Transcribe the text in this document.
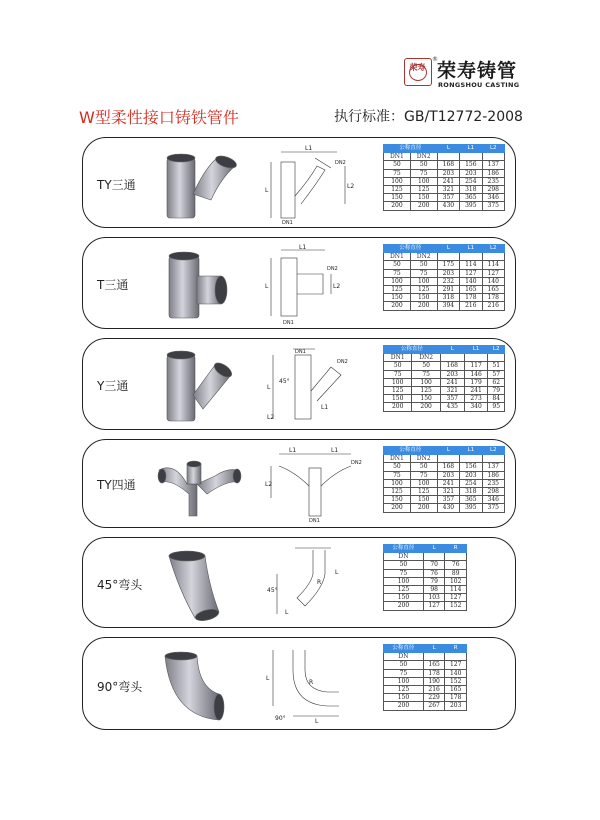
荣寿
®
荣寿铸管
RONGSHOU CASTING
W型柔性接口铸铁管件	执行标准：GB/T12772-2008
TY三通
L1
L
L2
DN1
DN2
公称直径		L	L1	L2
DN1	DN2			
50	50	168	156	137
75	75	203	203	186
100	100	241	254	235
125	125	321	318	298
150	150	357	365	346
200	200	430	395	375
T三通
L1
L	L2
DN1
DN2
公称直径		L	L1	L2
DN1	DN2			
50	50	175	114	114
75	75	203	127	127
100	100	232	140	140
125	125	291	165	165
150	150	318	178	178
200	200	394	216	216
Y三通
DN1
L
L2
L1
DN2
45°
公称直径		L	L1	L2
DN1	DN2			
50	50	168	117	51
75	75	203	146	57
100	100	241	179	62
125	125	321	241	79
150	150	357	273	84
200	200	435	340	95
TY四通
L1	L1
L2
DN1
DN2
公称直径		L	L1	L2
DN1	DN2			
50	50	168	156	137
75	75	203	203	186
100	100	241	254	235
125	125	321	318	298
150	150	357	365	346
200	200	430	395	375
45°弯头
L
R
45°
L
公称直径	L	R
DN		
50	70	76
75	76	89
100	79	102
125	98	114
150	103	127
200	127	152
90°弯头
L
R
90°	L
公称直径	L	R
DN		
50	165	127
75	178	140
100	190	152
125	216	165
150	229	178
200	267	203
